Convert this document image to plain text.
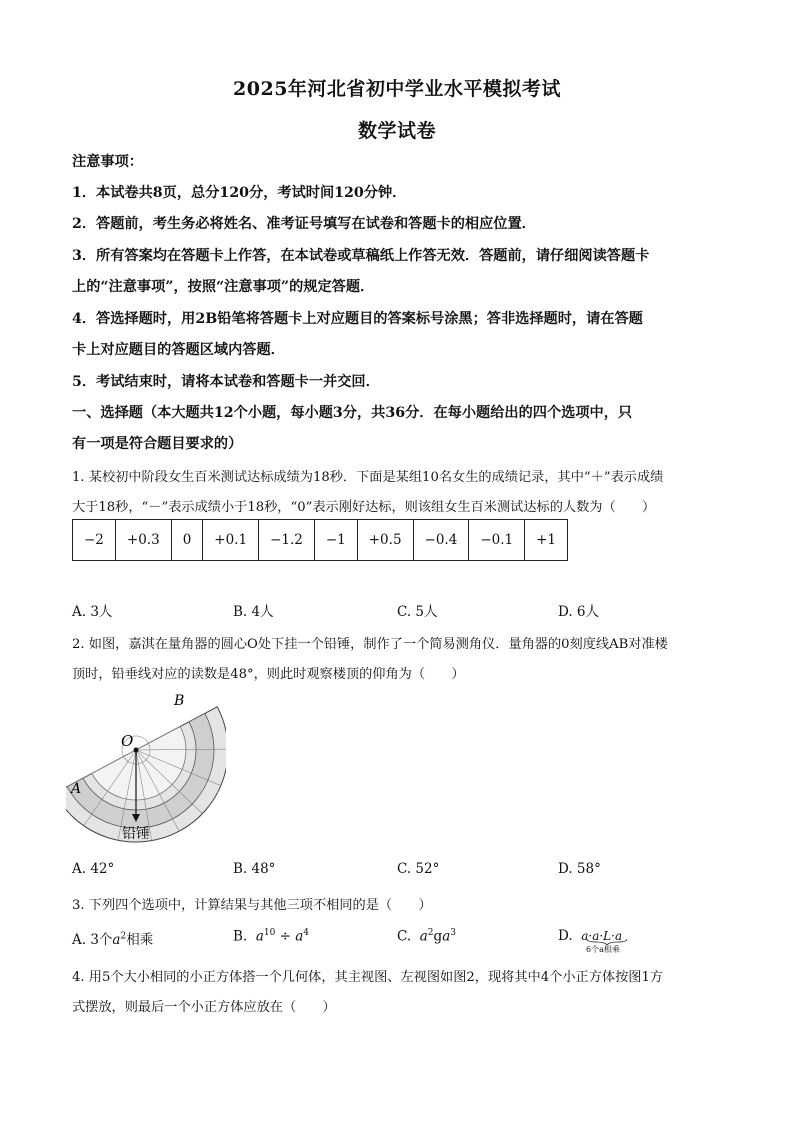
2025年河北省初中学业水平模拟考试
数学试卷
注意事项：
1．本试卷共8页，总分120分，考试时间120分钟．
2．答题前，考生务必将姓名、准考证号填写在试卷和答题卡的相应位置．
3．所有答案均在答题卡上作答，在本试卷或草稿纸上作答无效．答题前，请仔细阅读答题卡
上的“注意事项”，按照“注意事项”的规定答题．
4．答选择题时，用2B铅笔将答题卡上对应题目的答案标号涂黑；答非选择题时，请在答题
卡上对应题目的答题区域内答题．
5．考试结束时，请将本试卷和答题卡一并交回．
一、选择题（本大题共12个小题，每小题3分，共36分．在每小题给出的四个选项中，只
有一项是符合题目要求的）
1. 某校初中阶段女生百米测试达标成绩为18秒．下面是某组10名女生的成绩记录，其中“＋”表示成绩
大于18秒，“－”表示成绩小于18秒，“0”表示刚好达标，则该组女生百米测试达标的人数为（　　）
−2	+0.3	0	+0.1	−1.2	−1	+0.5	−0.4	−0.1	+1
A. 3人	B. 4人	C. 5人	D. 6人
2. 如图，嘉淇在量角器的圆心O处下挂一个铅锤，制作了一个简易测角仪．量角器的0刻度线AB对准楼
顶时，铅垂线对应的读数是48°，则此时观察楼顶的仰角为（　　）
O
B
A
铅锤
A. 42°	B. 48°	C. 52°	D. 58°
3. 下列四个选项中，计算结果与其他三项不相同的是（　　）
A. 3个$a^2$相乘	B. $a^{10} \div a^4$	C. $a^2ga^3$	D. a·a·L·a
6个a相乘
4. 用5个大小相同的小正方体搭一个几何体，其主视图、左视图如图2，现将其中4个小正方体按图1方
式摆放，则最后一个小正方体应放在（　　）
